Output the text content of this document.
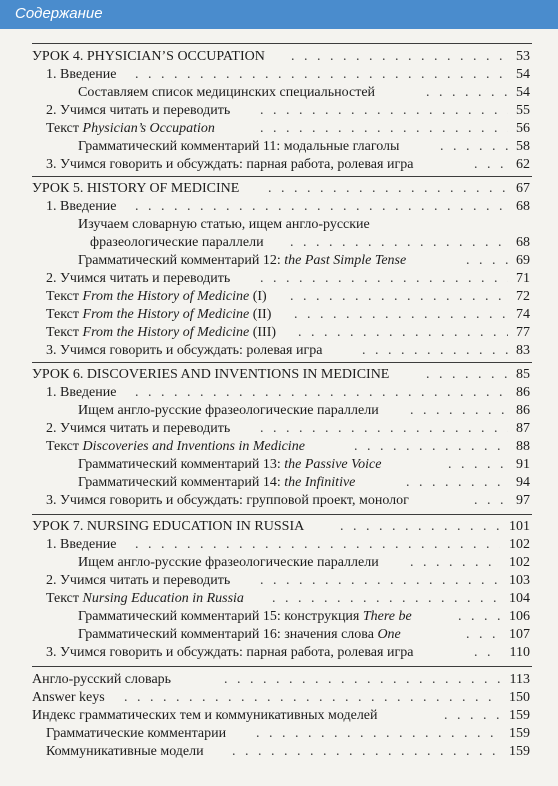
Содержание
УРОК 4. PHYSICIAN’S OCCUPATION . . .	53
1. Введение . . .	54
Составляем список медицинских специальностей . . .	54
2. Учимся читать и переводить . . .	55
Текст Physician’s Occupation . . .	56
Грамматический комментарий 11: модальные глаголы . . .	58
3. Учимся говорить и обсуждать: парная работа, ролевая игра . . .	62
УРОК 5. HISTORY OF MEDICINE . . .	67
1. Введение . . .	68
Изучаем словарную статью, ищем англо-русские
фразеологические параллели . . .	68
Грамматический комментарий 12: the Past Simple Tense . . .	69
2. Учимся читать и переводить . . .	71
Текст From the History of Medicine (I) . . .	72
Текст From the History of Medicine (II) . . .	74
Текст From the History of Medicine (III) . . .	77
3. Учимся говорить и обсуждать: ролевая игра . . .	83
УРОК 6. DISCOVERIES AND INVENTIONS IN MEDICINE . . .	85
1. Введение . . .	86
Ищем англо-русские фразеологические параллели . . .	86
2. Учимся читать и переводить . . .	87
Текст Discoveries and Inventions in Medicine . . .	88
Грамматический комментарий 13: the Passive Voice . . .	91
Грамматический комментарий 14: the Infinitive . . .	94
3. Учимся говорить и обсуждать: групповой проект, монолог . . .	97
УРОК 7. NURSING EDUCATION IN RUSSIA . . .	101
1. Введение . . .	102
Ищем англо-русские фразеологические параллели . . .	102
2. Учимся читать и переводить . . .	103
Текст Nursing Education in Russia . . .	104
Грамматический комментарий 15: конструкция There be . . .	106
Грамматический комментарий 16: значения слова One . . .	107
3. Учимся говорить и обсуждать: парная работа, ролевая игра . . .	110
Англо-русский словарь . . .	113
Answer keys . . .	150
Индекс грамматических тем и коммуникативных моделей . . .	159
Грамматические комментарии . . .	159
Коммуникативные модели . . .	159
